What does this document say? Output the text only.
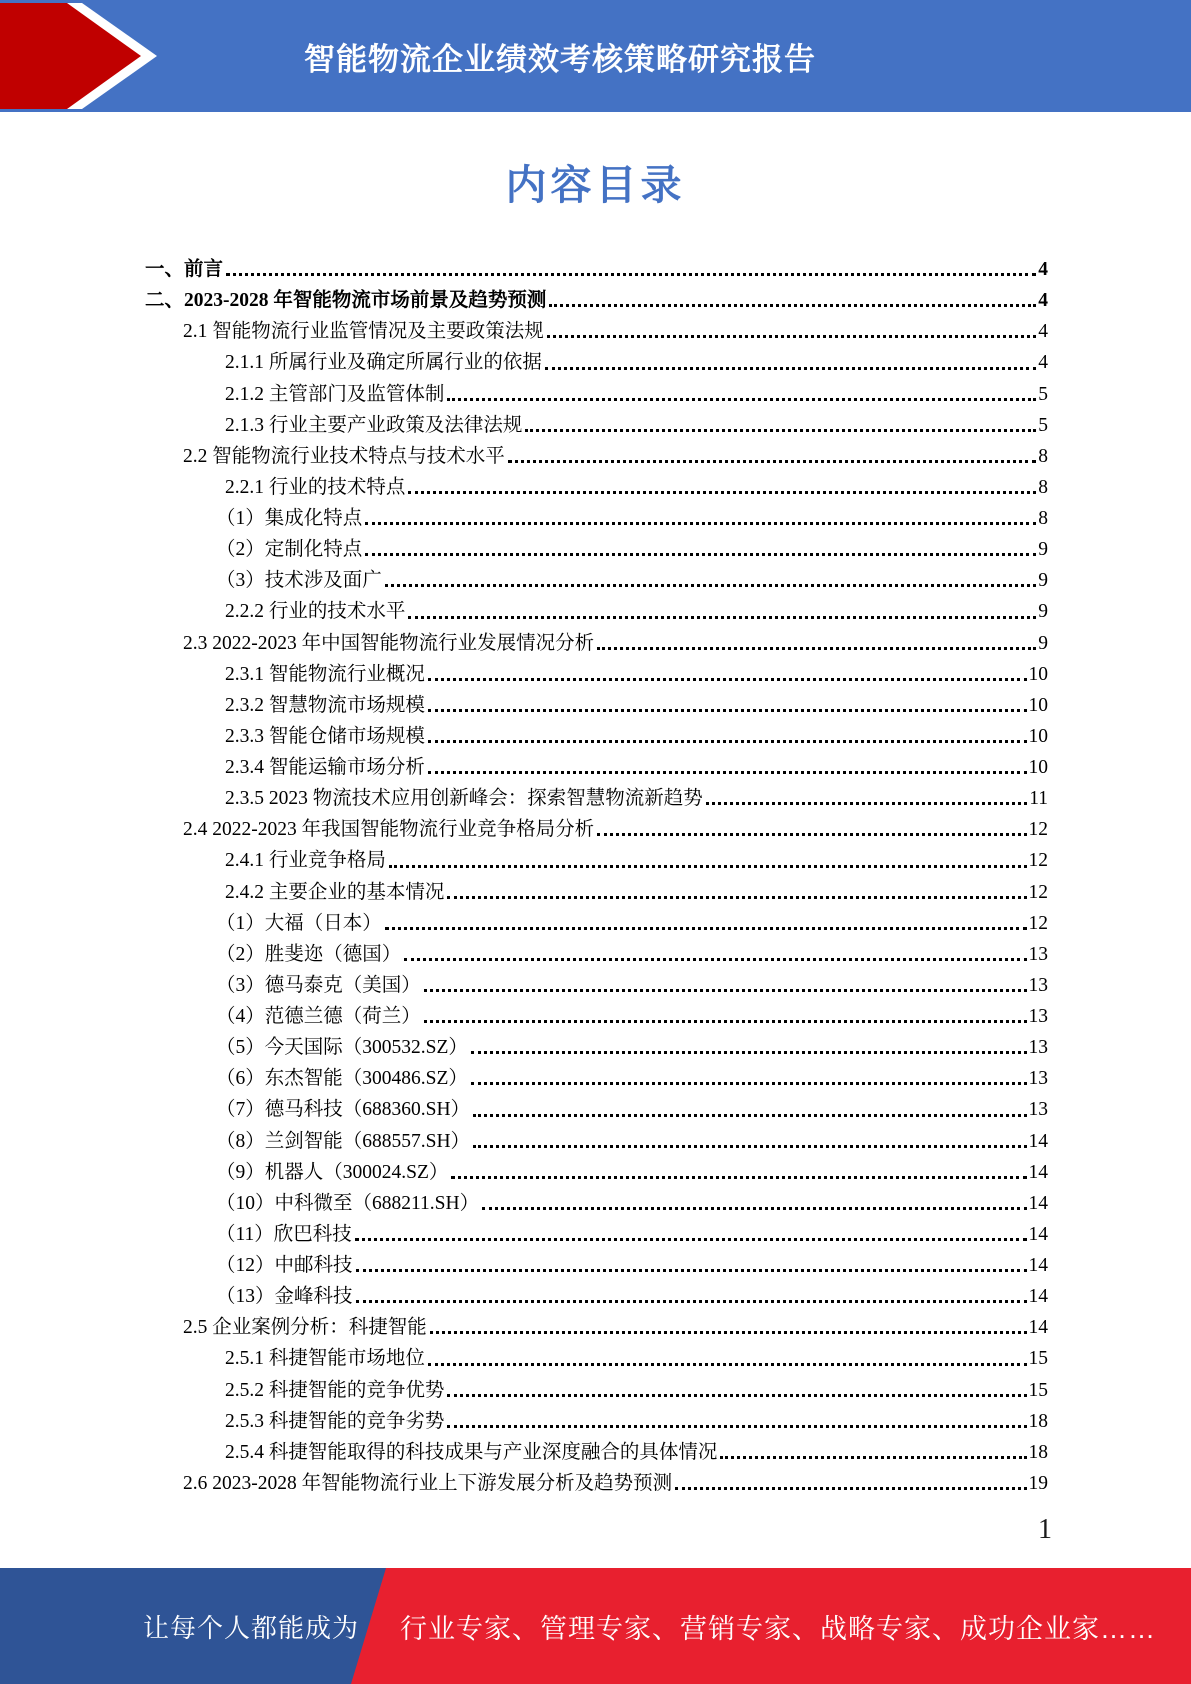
智能物流企业绩效考核策略研究报告
内容目录
一、前言	4
二、2023-2028 年智能物流市场前景及趋势预测	4
2.1 智能物流行业监管情况及主要政策法规	4
2.1.1 所属行业及确定所属行业的依据	4
2.1.2 主管部门及监管体制	5
2.1.3 行业主要产业政策及法律法规	5
2.2 智能物流行业技术特点与技术水平	8
2.2.1 行业的技术特点	8
（1）集成化特点	8
（2）定制化特点	9
（3）技术涉及面广	9
2.2.2 行业的技术水平	9
2.3 2022-2023 年中国智能物流行业发展情况分析	9
2.3.1 智能物流行业概况	10
2.3.2 智慧物流市场规模	10
2.3.3 智能仓储市场规模	10
2.3.4 智能运输市场分析	10
2.3.5 2023 物流技术应用创新峰会：探索智慧物流新趋势	11
2.4 2022-2023 年我国智能物流行业竞争格局分析	12
2.4.1 行业竞争格局	12
2.4.2 主要企业的基本情况	12
（1）大福（日本）	12
（2）胜斐迩（德国）	13
（3）德马泰克（美国）	13
（4）范德兰德（荷兰）	13
（5）今天国际（300532.SZ）	13
（6）东杰智能（300486.SZ）	13
（7）德马科技（688360.SH）	13
（8）兰剑智能（688557.SH）	14
（9）机器人（300024.SZ）	14
（10）中科微至（688211.SH）	14
（11）欣巴科技	14
（12）中邮科技	14
（13）金峰科技	14
2.5 企业案例分析：科捷智能	14
2.5.1 科捷智能市场地位	15
2.5.2 科捷智能的竞争优势	15
2.5.3 科捷智能的竞争劣势	18
2.5.4 科捷智能取得的科技成果与产业深度融合的具体情况	18
2.6 2023-2028 年智能物流行业上下游发展分析及趋势预测	19
1
让每个人都能成为 行业专家、管理专家、营销专家、战略专家、成功企业家……
